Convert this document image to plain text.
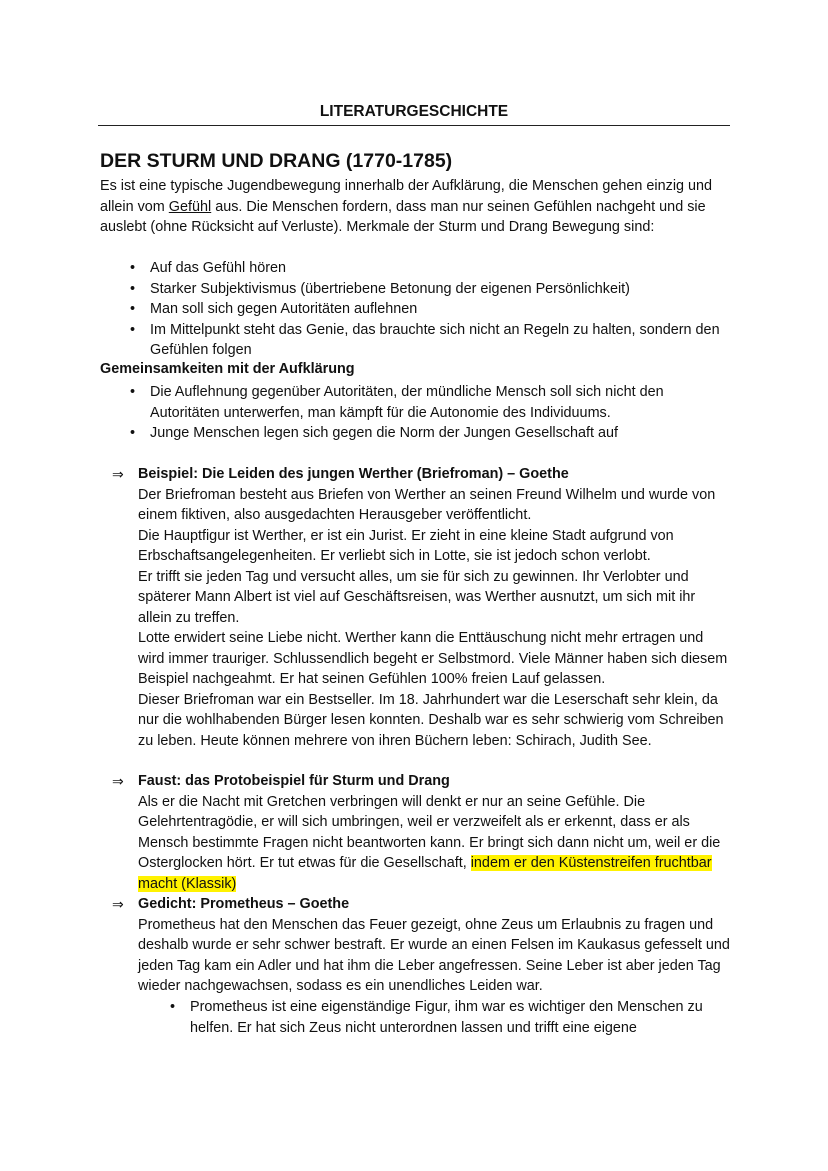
LITERATURGESCHICHTE
DER STURM UND DRANG (1770-1785)
Es ist eine typische Jugendbewegung innerhalb der Aufklärung, die Menschen gehen einzig und allein vom Gefühl aus. Die Menschen fordern, dass man nur seinen Gefühlen nachgeht und sie auslebt (ohne Rücksicht auf Verluste). Merkmale der Sturm und Drang Bewegung sind:
• Auf das Gefühl hören
• Starker Subjektivismus (übertriebene Betonung der eigenen Persönlichkeit)
• Man soll sich gegen Autoritäten auflehnen
• Im Mittelpunkt steht das Genie, das brauchte sich nicht an Regeln zu halten, sondern den Gefühlen folgen
Gemeinsamkeiten mit der Aufklärung
• Die Auflehnung gegenüber Autoritäten, der mündliche Mensch soll sich nicht den Autoritäten unterwerfen, man kämpft für die Autonomie des Individuums.
• Junge Menschen legen sich gegen die Norm der Jungen Gesellschaft auf
⇒ Beispiel: Die Leiden des jungen Werther (Briefroman) – Goethe
Der Briefroman besteht aus Briefen von Werther an seinen Freund Wilhelm und wurde von einem fiktiven, also ausgedachten Herausgeber veröffentlicht.
Die Hauptfigur ist Werther, er ist ein Jurist. Er zieht in eine kleine Stadt aufgrund von Erbschaftsangelegenheiten. Er verliebt sich in Lotte, sie ist jedoch schon verlobt.
Er trifft sie jeden Tag und versucht alles, um sie für sich zu gewinnen. Ihr Verlobter und späterer Mann Albert ist viel auf Geschäftsreisen, was Werther ausnutzt, um sich mit ihr allein zu treffen.
Lotte erwidert seine Liebe nicht. Werther kann die Enttäuschung nicht mehr ertragen und wird immer trauriger. Schlussendlich begeht er Selbstmord. Viele Männer haben sich diesem Beispiel nachgeahmt. Er hat seinen Gefühlen 100% freien Lauf gelassen.
Dieser Briefroman war ein Bestseller. Im 18. Jahrhundert war die Leserschaft sehr klein, da nur die wohlhabenden Bürger lesen konnten. Deshalb war es sehr schwierig vom Schreiben zu leben. Heute können mehrere von ihren Büchern leben: Schirach, Judith See.
⇒ Faust: das Protobeispiel für Sturm und Drang
Als er die Nacht mit Gretchen verbringen will denkt er nur an seine Gefühle. Die Gelehrtentragödie, er will sich umbringen, weil er verzweifelt als er erkennt, dass er als Mensch bestimmte Fragen nicht beantworten kann. Er bringt sich dann nicht um, weil er die Osterglocken hört. Er tut etwas für die Gesellschaft, indem er den Küstenstreifen fruchtbar macht (Klassik)
⇒ Gedicht: Prometheus – Goethe
Prometheus hat den Menschen das Feuer gezeigt, ohne Zeus um Erlaubnis zu fragen und deshalb wurde er sehr schwer bestraft. Er wurde an einen Felsen im Kaukasus gefesselt und jeden Tag kam ein Adler und hat ihm die Leber angefressen. Seine Leber ist aber jeden Tag wieder nachgewachsen, sodass es ein unendliches Leiden war.
• Prometheus ist eine eigenständige Figur, ihm war es wichtiger den Menschen zu helfen. Er hat sich Zeus nicht unterordnen lassen und trifft eine eigene
